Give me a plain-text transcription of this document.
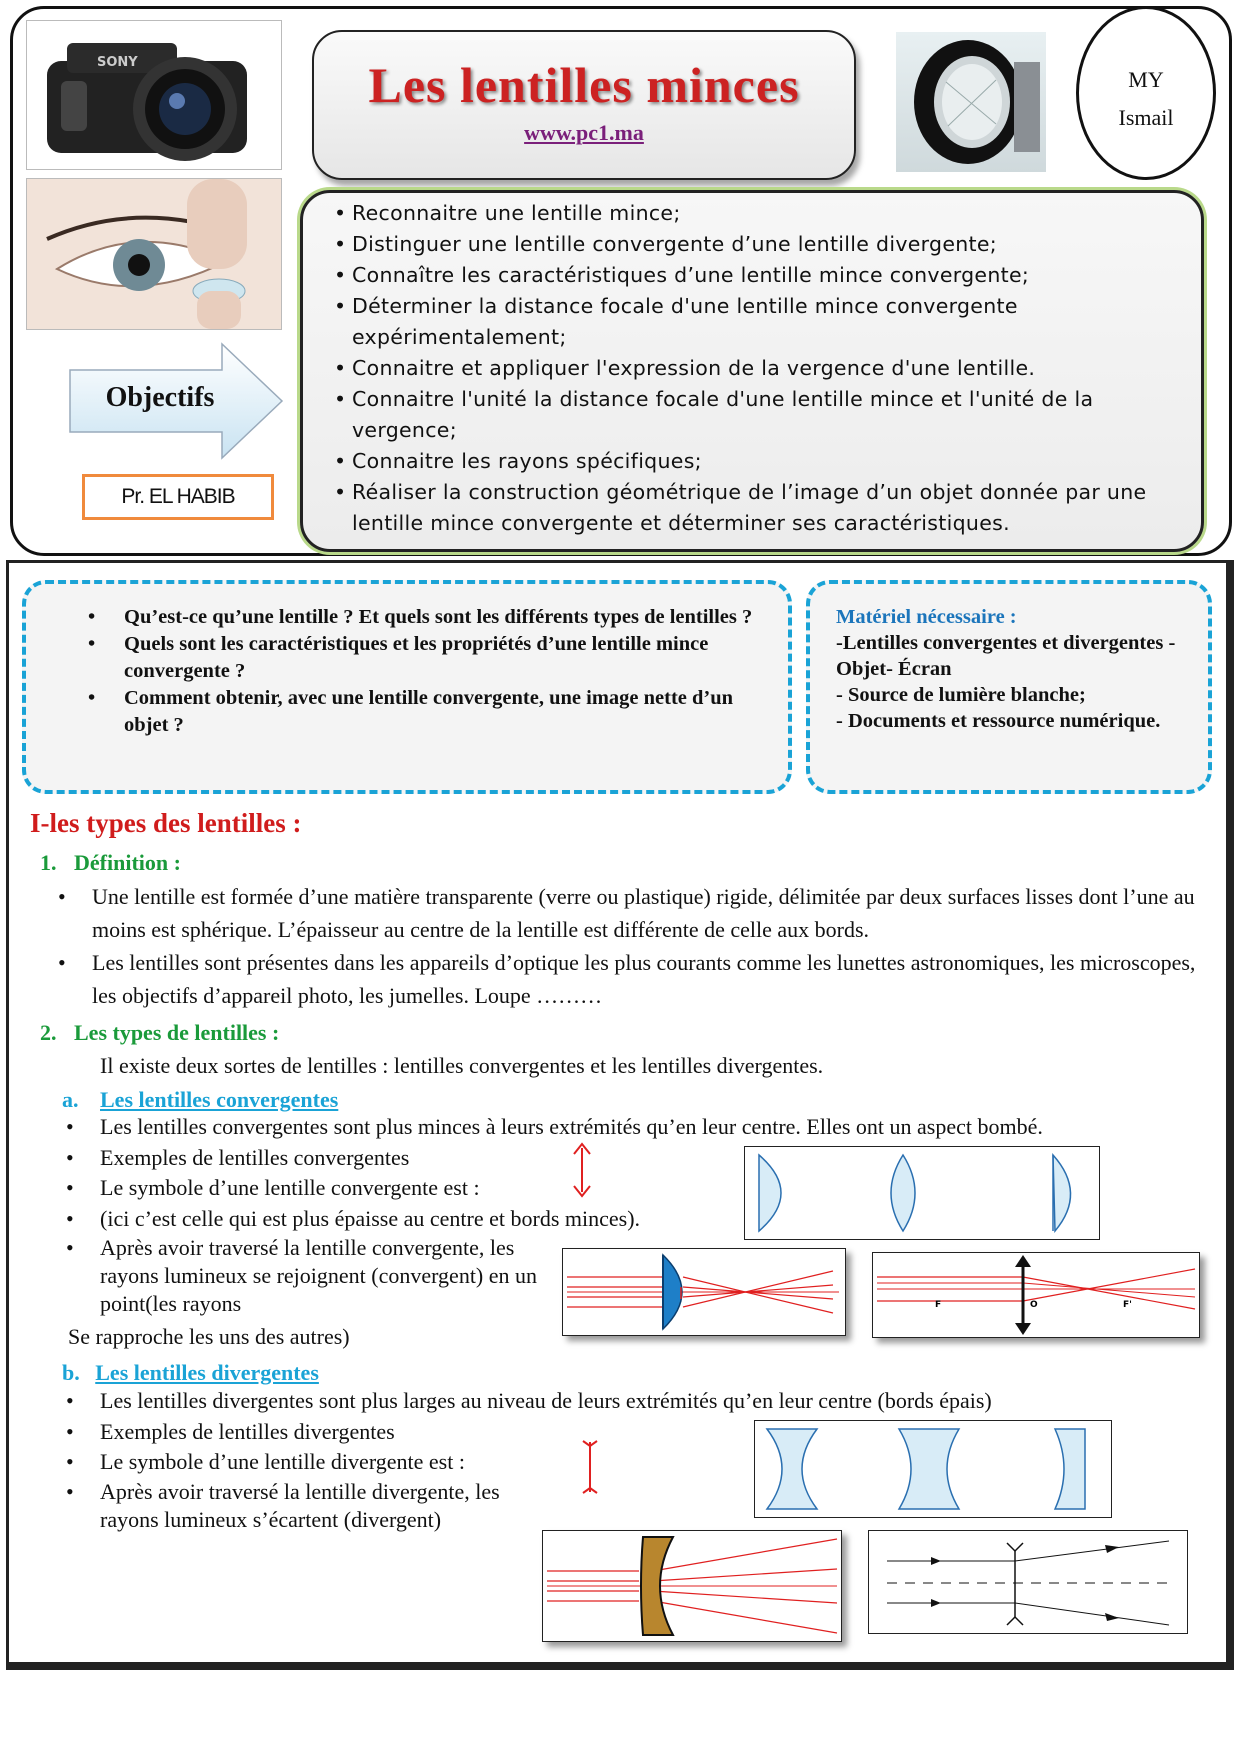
SONY	Les lentilles minces
www.pc1.ma
MY
Ismail
• Reconnaitre une lentille mince;
• Distinguer une lentille convergente d’une lentille divergente;
• Connaître les caractéristiques d’une lentille mince convergente;
• Déterminer la distance focale d'une lentille mince convergente expérimentalement;
• Connaitre et appliquer l'expression de la vergence d'une lentille.
• Connaitre l'unité la distance focale d'une lentille mince et l'unité de la vergence;
• Connaitre les rayons spécifiques;
• Réaliser la construction géométrique de l’image d’un objet donnée par une lentille mince convergente et déterminer ses caractéristiques.
Objectifs
Pr. EL HABIB
• Qu’est-ce qu’une lentille ? Et quels sont les différents types de lentilles ?
• Quels sont les caractéristiques et les propriétés d’une lentille mince convergente ?
• Comment obtenir, avec une lentille convergente, une image nette d’un objet ?
Matériel nécessaire :
-Lentilles convergentes et divergentes - Objet- Écran
- Source de lumière blanche;
- Documents et ressource numérique.
I-les types des lentilles :
1. Définition :
• Une lentille est formée d’une matière transparente (verre ou plastique) rigide, délimitée par deux surfaces lisses dont l’une au moins est sphérique. L’épaisseur au centre de la lentille est différente de celle aux bords.
• Les lentilles sont présentes dans les appareils d’optique les plus courants comme les lunettes astronomiques, les microscopes, les objectifs d’appareil photo, les jumelles. Loupe ………
2. Les types de lentilles :
Il existe deux sortes de lentilles : lentilles convergentes et les lentilles divergentes.
a. Les lentilles convergentes
• Les lentilles convergentes sont plus minces à leurs extrémités qu’en leur centre. Elles ont un aspect bombé.
• Exemples de lentilles convergentes
• Le symbole d’une lentille convergente est :
• (ici c’est celle qui est plus épaisse au centre et bords minces).
• Après avoir traversé la lentille convergente, les rayons lumineux se rejoignent (convergent) en un point(les rayons
Se rapproche les uns des autres)
F	O	F'
b. Les lentilles divergentes
• Les lentilles divergentes sont plus larges au niveau de leurs extrémités qu’en leur centre (bords épais)
• Exemples de lentilles divergentes
• Le symbole d’une lentille divergente est :
• Après avoir traversé la lentille divergente, les rayons lumineux s’écartent (divergent)
